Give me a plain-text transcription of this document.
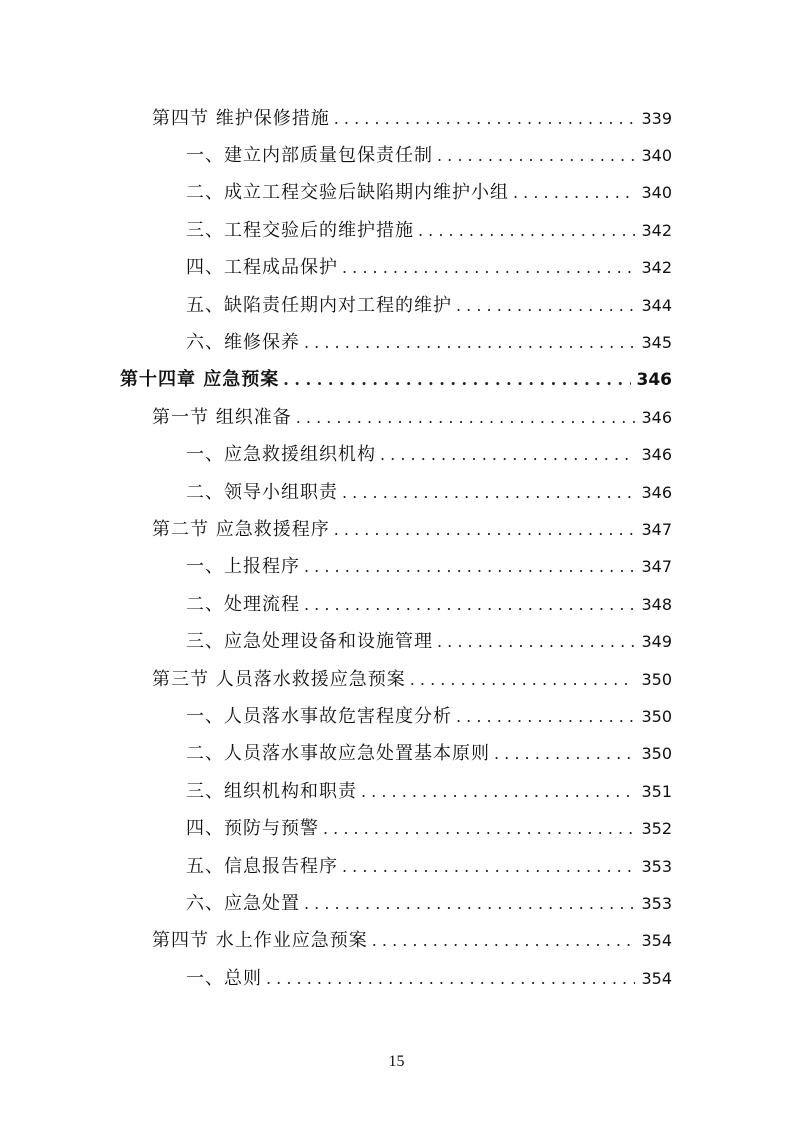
第四节 维护保修措施 . . .	339
一、建立内部质量包保责任制 . . .	340
二、成立工程交验后缺陷期内维护小组 . . .	340
三、工程交验后的维护措施 . . .	342
四、工程成品保护 . . .	342
五、缺陷责任期内对工程的维护 . . .	344
六、维修保养 . . .	345
第十四章 应急预案 . . .	346
第一节 组织准备 . . .	346
一、应急救援组织机构 . . .	346
二、领导小组职责 . . .	346
第二节 应急救援程序 . . .	347
一、上报程序 . . .	347
二、处理流程 . . .	348
三、应急处理设备和设施管理 . . .	349
第三节 人员落水救援应急预案 . . .	350
一、人员落水事故危害程度分析 . . .	350
二、人员落水事故应急处置基本原则 . . .	350
三、组织机构和职责 . . .	351
四、预防与预警 . . .	352
五、信息报告程序 . . .	353
六、应急处置 . . .	353
第四节 水上作业应急预案 . . .	354
一、总则 . . .	354
15
